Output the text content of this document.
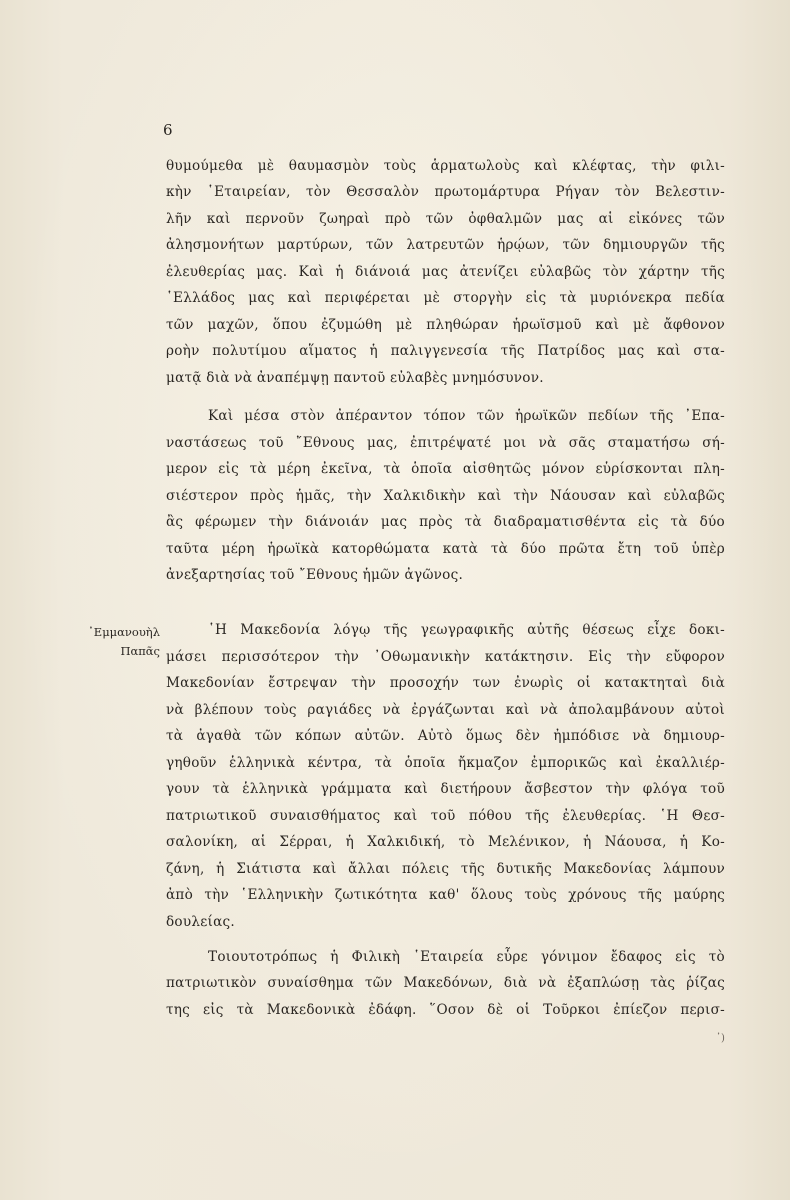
6
θυμούμεθα μὲ θαυμασμὸν τοὺς ἁρματωλοὺς καὶ κλέφτας, τὴν φιλι-
κὴν ῾Εταιρείαν, τὸν Θεσσαλὸν πρωτομάρτυρα Ρήγαν τὸν Βελεστιν-
λῆν καὶ περνοῦν ζωηραὶ πρὸ τῶν ὀφθαλμῶν μας αἱ εἰκόνες τῶν
ἀλησμονήτων μαρτύρων, τῶν λατρευτῶν ἡρῴων, τῶν δημιουργῶν τῆς
ἐλευθερίας μας. Καὶ ἡ διάνοιά μας ἀτενίζει εὐλαβῶς τὸν χάρτην τῆς
῾Ελλάδος μας καὶ περιφέρεται μὲ στοργὴν εἰς τὰ μυριόνεκρα πεδία
τῶν μαχῶν, ὅπου ἐζυμώθη μὲ πληθώραν ἡρωϊσμοῦ καὶ μὲ ἄφθονον
ροὴν πολυτίμου αἵματος ἡ παλιγγενεσία τῆς Πατρίδος μας καὶ στα-
ματᾷ διὰ νὰ ἀναπέμψῃ παντοῦ εὐλαβὲς μνημόσυνον.
Καὶ μέσα στὸν ἀπέραντον τόπον τῶν ἡρωϊκῶν πεδίων τῆς ᾿Επα-
ναστάσεως τοῦ ῎Εθνους μας, ἐπιτρέψατέ μοι νὰ σᾶς σταματήσω σή-
μερον εἰς τὰ μέρη ἐκεῖνα, τὰ ὁποῖα αἰσθητῶς μόνον εὑρίσκονται πλη-
σιέστερον πρὸς ἡμᾶς, τὴν Χαλκιδικὴν καὶ τὴν Νάουσαν καὶ εὐλαβῶς
ἂς φέρωμεν τὴν διάνοιάν μας πρὸς τὰ διαδραματισθέντα εἰς τὰ δύο
ταῦτα μέρη ἡρωϊκὰ κατορθώματα κατὰ τὰ δύο πρῶτα ἔτη τοῦ ὑπὲρ
ἀνεξαρτησίας τοῦ ῎Εθνους ἡμῶν ἀγῶνος.
᾿Εμμανουὴλ
Παπᾶς
῾Η Μακεδονία λόγῳ τῆς γεωγραφικῆς αὐτῆς θέσεως εἶχε δοκι-
μάσει περισσότερον τὴν ᾿Οθωμανικὴν κατάκτησιν. Εἰς τὴν εὔφορον
Μακεδονίαν ἔστρεψαν τὴν προσοχήν των ἐνωρὶς οἱ κατακτηταὶ διὰ
νὰ βλέπουν τοὺς ραγιάδες νὰ ἐργάζωνται καὶ νὰ ἀπολαμβάνουν αὐτοὶ
τὰ ἀγαθὰ τῶν κόπων αὐτῶν. Αὐτὸ ὅμως δὲν ἠμπόδισε νὰ δημιουρ-
γηθοῦν ἑλληνικὰ κέντρα, τὰ ὁποῖα ἤκμαζον ἐμπορικῶς καὶ ἐκαλλιέρ-
γουν τὰ ἑλληνικὰ γράμματα καὶ διετήρουν ἄσβεστον τὴν φλόγα τοῦ
πατριωτικοῦ συναισθήματος καὶ τοῦ πόθου τῆς ἐλευθερίας. ῾Η Θεσ-
σαλονίκη, αἱ Σέρραι, ἡ Χαλκιδική, τὸ Μελένικον, ἡ Νάουσα, ἡ Κο-
ζάνη, ἡ Σιάτιστα καὶ ἄλλαι πόλεις τῆς δυτικῆς Μακεδονίας λάμπουν
ἀπὸ τὴν ῾Ελληνικὴν ζωτικότητα καθ' ὅλους τοὺς χρόνους τῆς μαύρης
δουλείας.
Τοιουτοτρόπως ἡ Φιλικὴ ῾Εταιρεία εὗρε γόνιμον ἔδαφος εἰς τὸ
πατριωτικὸν συναίσθημα τῶν Μακεδόνων, διὰ νὰ ἐξαπλώσῃ τὰς ῥίζας
της εἰς τὰ Μακεδονικὰ ἐδάφη. ῞Οσον δὲ οἱ Τοῦρκοι ἐπίεζον περισ-
᾿)
